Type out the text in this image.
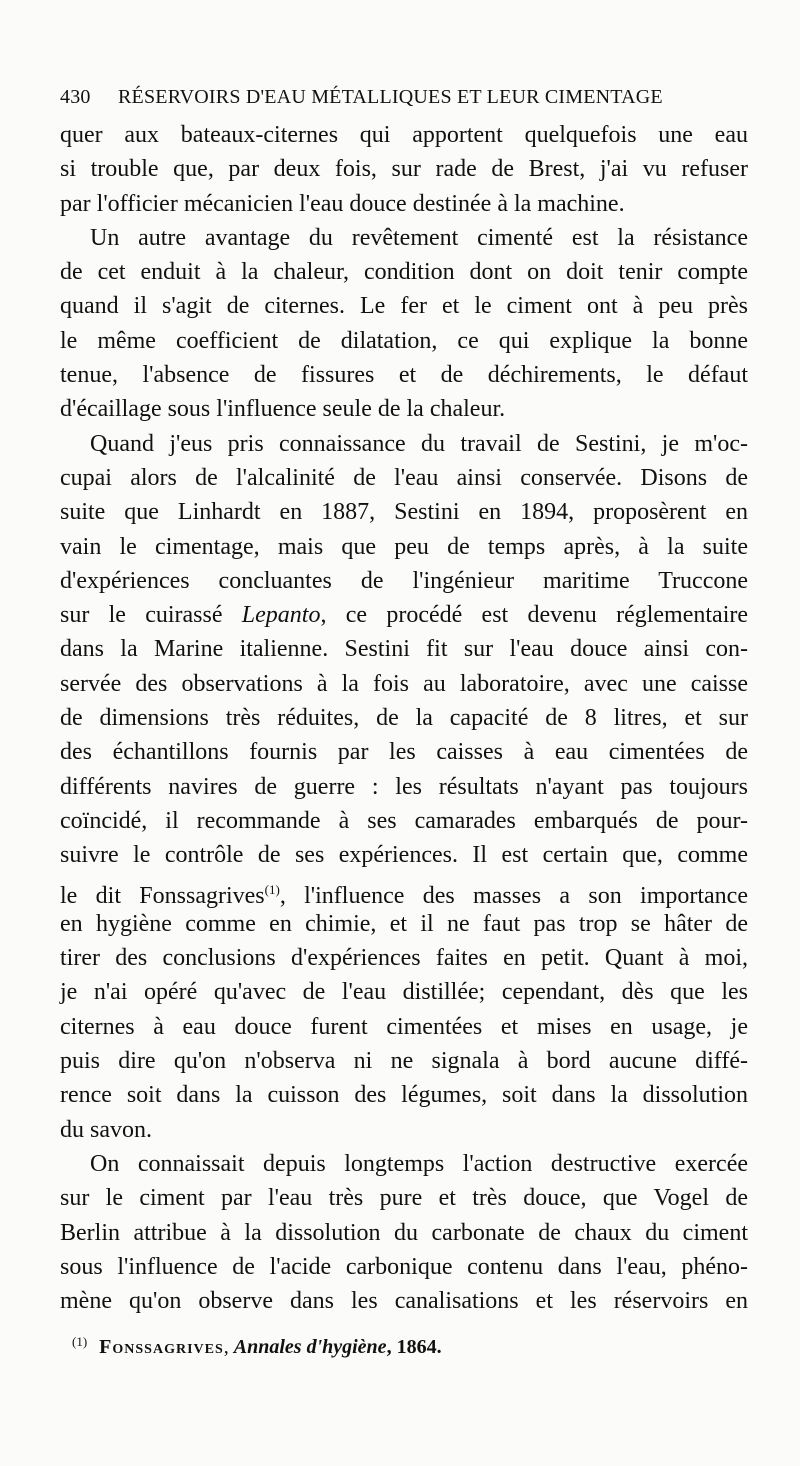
430 RÉSERVOIRS D'EAU MÉTALLIQUES ET LEUR CIMENTAGE
quer aux bateaux-citernes qui apportent quelquefois une eau
si trouble que, par deux fois, sur rade de Brest, j'ai vu refuser
par l'officier mécanicien l'eau douce destinée à la machine.
Un autre avantage du revêtement cimenté est la résistance
de cet enduit à la chaleur, condition dont on doit tenir compte
quand il s'agit de citernes. Le fer et le ciment ont à peu près
le même coefficient de dilatation, ce qui explique la bonne
tenue, l'absence de fissures et de déchirements, le défaut
d'écaillage sous l'influence seule de la chaleur.
Quand j'eus pris connaissance du travail de Sestini, je m'oc-
cupai alors de l'alcalinité de l'eau ainsi conservée. Disons de
suite que Linhardt en 1887, Sestini en 1894, proposèrent en
vain le cimentage, mais que peu de temps après, à la suite
d'expériences concluantes de l'ingénieur maritime Truccone
sur le cuirassé Lepanto, ce procédé est devenu réglementaire
dans la Marine italienne. Sestini fit sur l'eau douce ainsi con-
servée des observations à la fois au laboratoire, avec une caisse
de dimensions très réduites, de la capacité de 8 litres, et sur
des échantillons fournis par les caisses à eau cimentées de
différents navires de guerre : les résultats n'ayant pas toujours
coïncidé, il recommande à ses camarades embarqués de pour-
suivre le contrôle de ses expériences. Il est certain que, comme
le dit Fonssagrives$^{(1)}$, l'influence des masses a son importance
en hygiène comme en chimie, et il ne faut pas trop se hâter de
tirer des conclusions d'expériences faites en petit. Quant à moi,
je n'ai opéré qu'avec de l'eau distillée; cependant, dès que les
citernes à eau douce furent cimentées et mises en usage, je
puis dire qu'on n'observa ni ne signala à bord aucune diffé-
rence soit dans la cuisson des légumes, soit dans la dissolution
du savon.
On connaissait depuis longtemps l'action destructive exercée
sur le ciment par l'eau très pure et très douce, que Vogel de
Berlin attribue à la dissolution du carbonate de chaux du ciment
sous l'influence de l'acide carbonique contenu dans l'eau, phéno-
mène qu'on observe dans les canalisations et les réservoirs en
$^{(1)}$ Fonssagrives, Annales d'hygiène, 1864.
